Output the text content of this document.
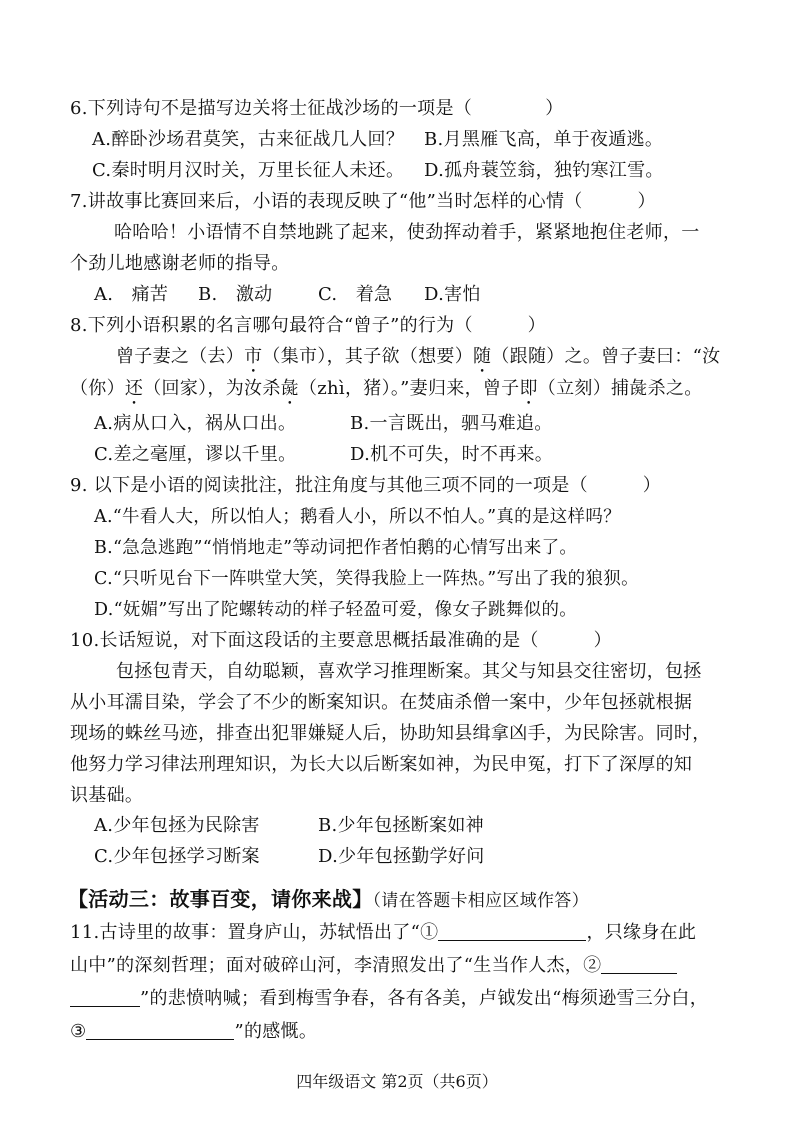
6.下列诗句不是描写边关将士征战沙场的一项是（　　　　）
A.醉卧沙场君莫笑，古来征战几人回？ B.月黑雁飞高，单于夜遁逃。
C.秦时明月汉时关，万里长征人未还。 D.孤舟蓑笠翁，独钓寒江雪。
7.讲故事比赛回来后，小语的表现反映了“他”当时怎样的心情（　　　）
哈哈哈！小语情不自禁地跳了起来，使劲挥动着手，紧紧地抱住老师，一
个劲儿地感谢老师的指导。
A.　痛苦 B.　激动	C.　着急 D.害怕
8.下列小语积累的名言哪句最符合“曾子”的行为（　　　）
曾子妻之（去）市（集市），其子欲（想要）随（跟随）之。曾子妻曰：“汝
（你）还（回家），为汝杀彘（zhì，猪）。”妻归来，曾子即（立刻）捕彘杀之。
A.病从口入，祸从口出。	B.一言既出，驷马难追。
C.差之毫厘，谬以千里。	D.机不可失，时不再来。
9. 以下是小语的阅读批注，批注角度与其他三项不同的一项是（　　　）
A.“牛看人大，所以怕人；鹅看人小，所以不怕人。”真的是这样吗？
B.“急急逃跑”“悄悄地走”等动词把作者怕鹅的心情写出来了。
C.“只听见台下一阵哄堂大笑，笑得我脸上一阵热。”写出了我的狼狈。
D.“妩媚”写出了陀螺转动的样子轻盈可爱，像女子跳舞似的。
10.长话短说，对下面这段话的主要意思概括最准确的是（　　　）
包拯包青天，自幼聪颖，喜欢学习推理断案。其父与知县交往密切，包拯
从小耳濡目染，学会了不少的断案知识。在焚庙杀僧一案中，少年包拯就根据
现场的蛛丝马迹，排查出犯罪嫌疑人后，协助知县缉拿凶手，为民除害。同时，
他努力学习律法刑理知识，为长大以后断案如神，为民申冤，打下了深厚的知
识基础。
A.少年包拯为民除害	B.少年包拯断案如神
C.少年包拯学习断案	D.少年包拯勤学好问
【活动三：故事百变，请你来战】（请在答题卡相应区域作答）
11.古诗里的故事：置身庐山，苏轼悟出了“①	，只缘身在此
山中”的深刻哲理；面对破碎山河，李清照发出了“生当作人杰，②
”的悲愤呐喊；看到梅雪争春，各有各美，卢钺发出“梅须逊雪三分白，
③	”的感慨。
四年级语文 第2页（共6页）
